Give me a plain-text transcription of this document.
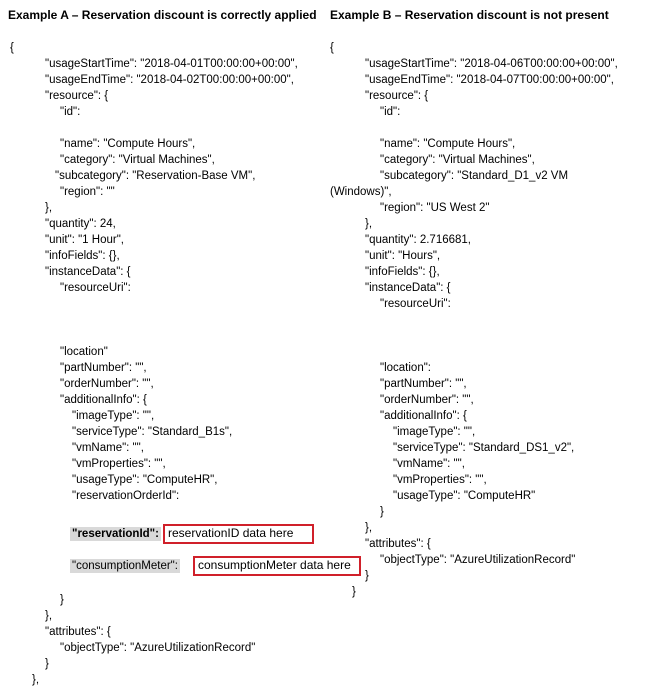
Example A – Reservation discount is correctly applied
{
"usageStartTime": "2018-04-01T00:00:00+00:00",
"usageEndTime": "2018-04-02T00:00:00+00:00",
"resource": {
"id":
"name": "Compute Hours",
"category": "Virtual Machines",
"subcategory": "Reservation-Base VM",
"region": ""
},
"quantity": 24,
"unit": "1 Hour",
"infoFields": {},
"instanceData": {
"resourceUri":
"location"
"partNumber": "",
"orderNumber": "",
"additionalInfo": {
"imageType": "",
"serviceType": "Standard_B1s",
"vmName": "",
"vmProperties": "",
"usageType": "ComputeHR",
"reservationOrderId":
"reservationId": reservationID data here
"consumptionMeter":	consumptionMeter data here
}
},
"attributes": {
"objectType": "AzureUtilizationRecord"
}
},
Example B – Reservation discount is not present
{
"usageStartTime": "2018-04-06T00:00:00+00:00",
"usageEndTime": "2018-04-07T00:00:00+00:00",
"resource": {
"id":
"name": "Compute Hours",
"category": "Virtual Machines",
"subcategory": "Standard_D1_v2 VM
(Windows)",
"region": "US West 2"
},
"quantity": 2.716681,
"unit": "Hours",
"infoFields": {},
"instanceData": {
"resourceUri":
"location":
"partNumber": "",
"orderNumber": "",
"additionalInfo": {
"imageType": "",
"serviceType": "Standard_DS1_v2",
"vmName": "",
"vmProperties": "",
"usageType": "ComputeHR"
}
},
"attributes": {
"objectType": "AzureUtilizationRecord"
}
}
